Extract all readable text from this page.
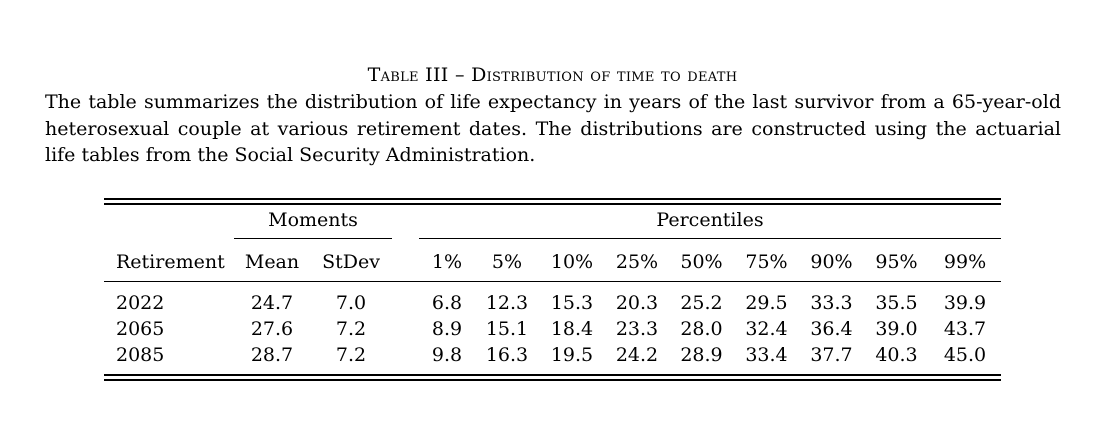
Table III – Distribution of time to death
The table summarizes the distribution of life expectancy in years of the last survivor from a 65-year-old heterosexual couple at various retirement dates. The distributions are constructed using the actuarial life tables from the Social Security Administration.
	Moments			Percentiles								
Retirement	Mean	StDev		1%	5%	10%	25%	50%	75%	90%	95%	99%
2022	24.7	7.0		6.8	12.3	15.3	20.3	25.2	29.5	33.3	35.5	39.9
2065	27.6	7.2		8.9	15.1	18.4	23.3	28.0	32.4	36.4	39.0	43.7
2085	28.7	7.2		9.8	16.3	19.5	24.2	28.9	33.4	37.7	40.3	45.0
